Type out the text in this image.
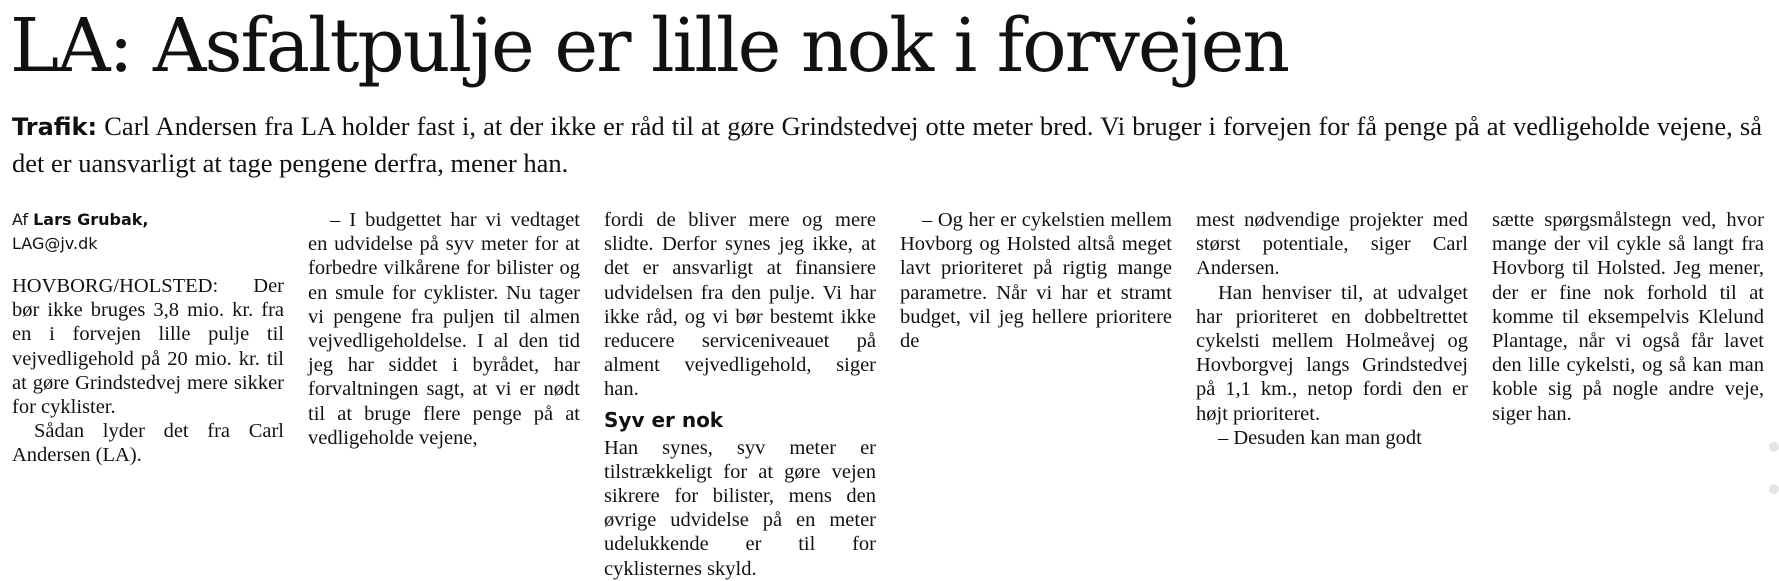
LA: Asfaltpulje er lille nok i forvejen

Trafik: Carl Andersen fra LA holder fast i, at der ikke er råd til at gøre Grindstedvej otte meter bred. Vi bruger i forvejen for få penge på at vedligeholde vejene, så det er uansvarligt at tage pengene derfra, mener han.

Af Lars Grubak,
LAG@jv.dk

HOVBORG/HOLSTED: Der bør ikke bruges 3,8 mio. kr. fra en i forvejen lille pulje til vejvedligehold på 20 mio. kr. til at gøre Grindstedvej mere sikker for cyklister.

Sådan lyder det fra Carl Andersen (LA).

– I budgettet har vi vedtaget en udvidelse på syv meter for at forbedre vilkårene for bilister og en smule for cyklister. Nu tager vi pengene fra puljen til almen vejvedligeholdelse. I al den tid jeg har siddet i byrådet, har forvaltningen sagt, at vi er nødt til at bruge flere penge på at vedligeholde vejene,

fordi de bliver mere og mere slidte. Derfor synes jeg ikke, at det er ansvarligt at finansiere udvidelsen fra den pulje. Vi har ikke råd, og vi bør bestemt ikke reducere serviceniveauet på alment vejvedligehold, siger han.

Syv er nok

Han synes, syv meter er tilstrækkeligt for at gøre vejen sikrere for bilister, mens den øvrige udvidelse på en meter udelukkende er til for cyklisternes skyld.

– Og her er cykelstien mellem Hovborg og Holsted altså meget lavt prioriteret på rigtig mange parametre. Når vi har et stramt budget, vil jeg hellere prioritere de

mest nødvendige projekter med størst potentiale, siger Carl Andersen.

Han henviser til, at udvalget har prioriteret en dobbeltrettet cykelsti mellem Holmeåvej og Hovborgvej langs Grindstedvej på 1,1 km., netop fordi den er højt prioriteret.

– Desuden kan man godt

sætte spørgsmålstegn ved, hvor mange der vil cykle så langt fra Hovborg til Holsted. Jeg mener, der er fine nok forhold til at komme til eksempelvis Klelund Plantage, når vi også får lavet den lille cykelsti, og så kan man koble sig på nogle andre veje, siger han.
